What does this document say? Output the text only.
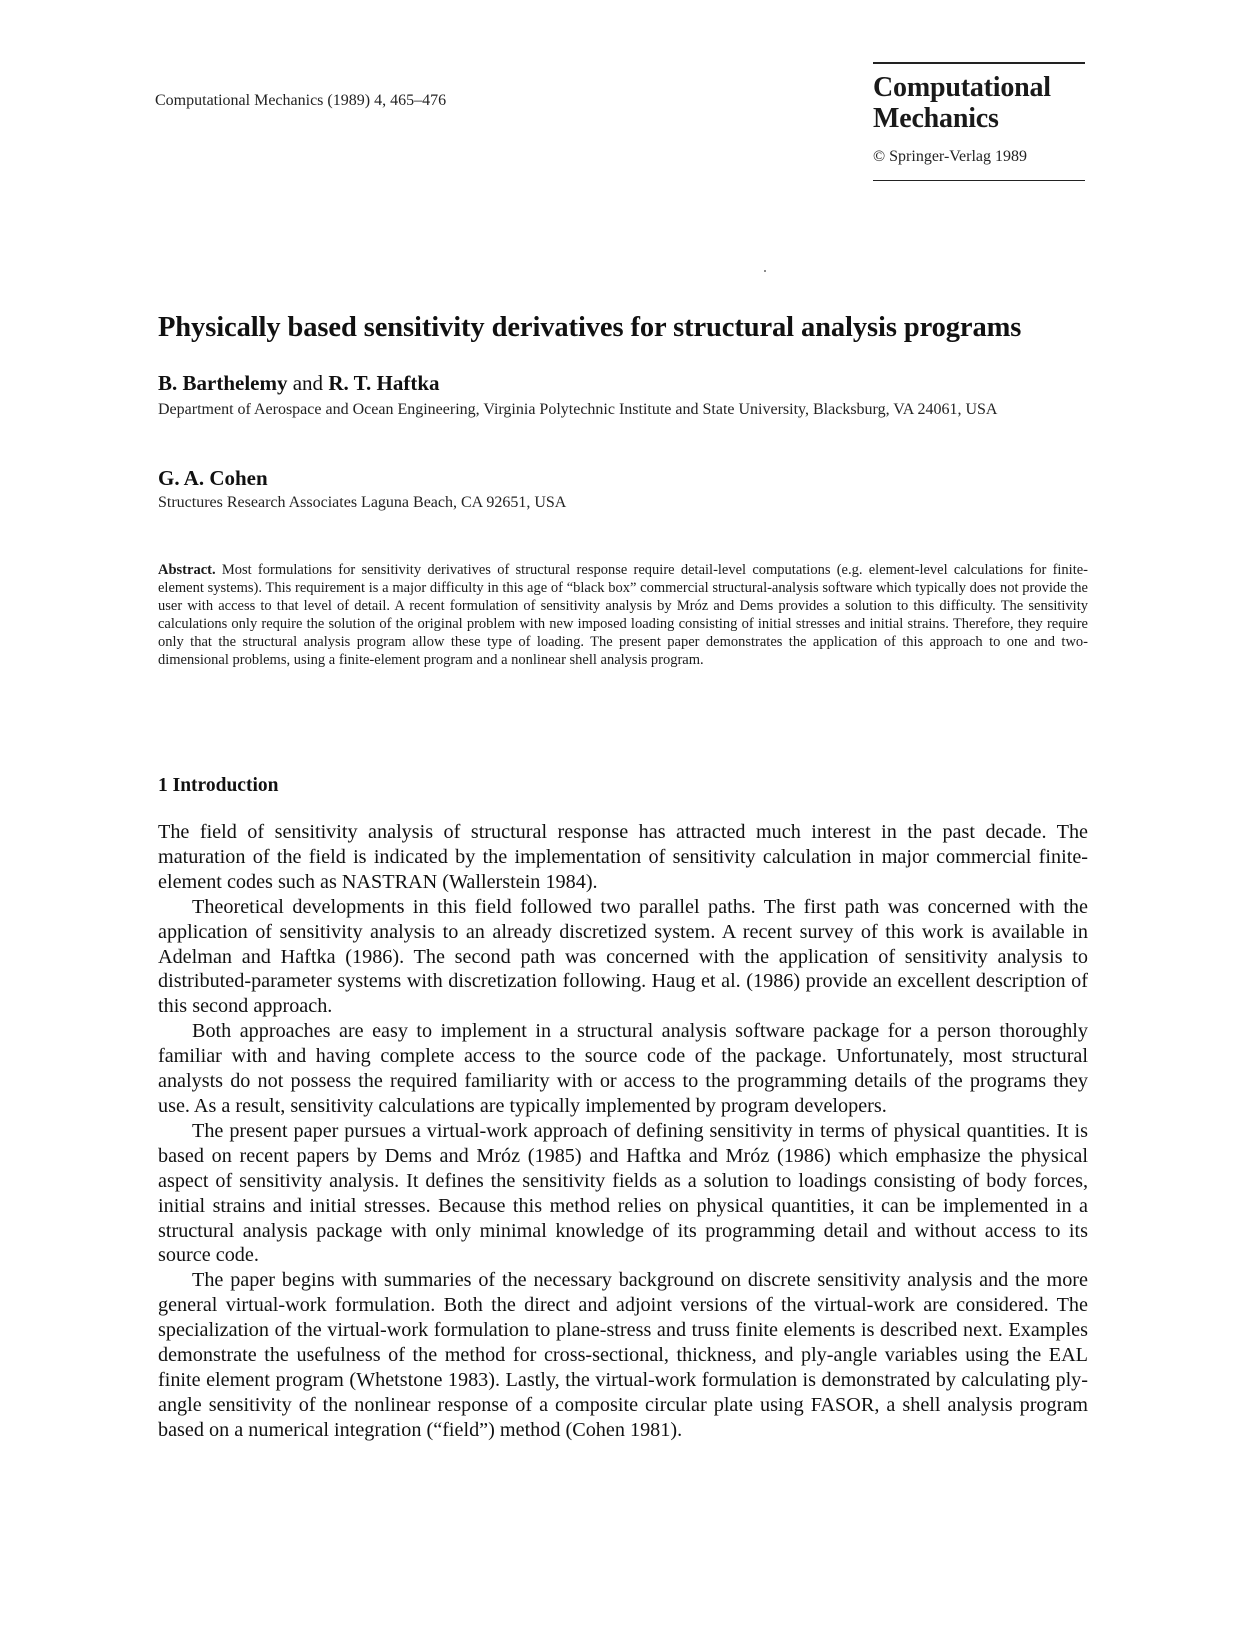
Computational Mechanics (1989) 4, 465–476	Computational
Mechanics
© Springer-Verlag 1989
Physically based sensitivity derivatives for structural analysis programs
B. Barthelemy and R. T. Haftka
Department of Aerospace and Ocean Engineering, Virginia Polytechnic Institute and State University, Blacksburg, VA 24061, USA
G. A. Cohen
Structures Research Associates Laguna Beach, CA 92651, USA
Abstract. Most formulations for sensitivity derivatives of structural response require detail-level computations (e.g. element-level calculations for finite-element systems). This requirement is a major difficulty in this age of “black box” commercial structural-analysis software which typically does not provide the user with access to that level of detail. A recent formulation of sensitivity analysis by Mróz and Dems provides a solution to this difficulty. The sensitivity calculations only require the solution of the original problem with new imposed loading consisting of initial stresses and initial strains. Therefore, they require only that the structural analysis program allow these type of loading. The present paper demonstrates the application of this approach to one and two-dimensional problems, using a finite-element program and a nonlinear shell analysis program.
1 Introduction

The field of sensitivity analysis of structural response has attracted much interest in the past decade. The maturation of the field is indicated by the implementation of sensitivity calculation in major commercial finite-element codes such as NASTRAN (Wallerstein 1984).

Theoretical developments in this field followed two parallel paths. The first path was concerned with the application of sensitivity analysis to an already discretized system. A recent survey of this work is available in Adelman and Haftka (1986). The second path was concerned with the application of sensitivity analysis to distributed-parameter systems with discretization following. Haug et al. (1986) provide an excellent description of this second approach.

Both approaches are easy to implement in a structural analysis software package for a person thoroughly familiar with and having complete access to the source code of the package. Unfortunately, most structural analysts do not possess the required familiarity with or access to the programming details of the programs they use. As a result, sensitivity calculations are typically implemented by program developers.

The present paper pursues a virtual-work approach of defining sensitivity in terms of physical quantities. It is based on recent papers by Dems and Mróz (1985) and Haftka and Mróz (1986) which emphasize the physical aspect of sensitivity analysis. It defines the sensitivity fields as a solution to loadings consisting of body forces, initial strains and initial stresses. Because this method relies on physical quantities, it can be implemented in a structural analysis package with only minimal knowledge of its programming detail and without access to its source code.

The paper begins with summaries of the necessary background on discrete sensitivity analysis and the more general virtual-work formulation. Both the direct and adjoint versions of the virtual-work are considered. The specialization of the virtual-work formulation to plane-stress and truss finite elements is described next. Examples demonstrate the usefulness of the method for cross-sectional, thickness, and ply-angle variables using the EAL finite element program (Whetstone 1983). Lastly, the virtual-work formulation is demonstrated by calculating ply-angle sensitivity of the nonlinear response of a composite circular plate using FASOR, a shell analysis program based on a numerical integration (“field”) method (Cohen 1981).
